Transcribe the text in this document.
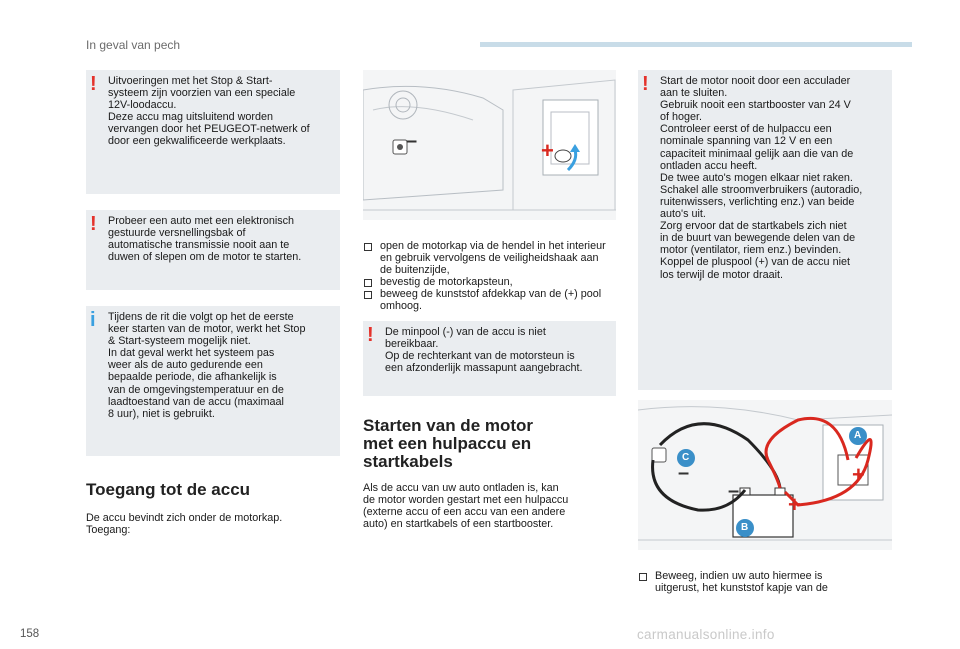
In geval van pech
! Uitvoeringen met het Stop & Start-
systeem zijn voorzien van een speciale
12V-loodaccu.
Deze accu mag uitsluitend worden
vervangen door het PEUGEOT-netwerk of
door een gekwalificeerde werkplaats.
! Probeer een auto met een elektronisch
gestuurde versnellingsbak of
automatische transmissie nooit aan te
duwen of slepen om de motor te starten.
i Tijdens de rit die volgt op het de eerste
keer starten van de motor, werkt het Stop
& Start-systeem mogelijk niet.
In dat geval werkt het systeem pas
weer als de auto gedurende een
bepaalde periode, die afhankelijk is
van de omgevingstemperatuur en de
laadtoestand van de accu (maximaal
8 uur), niet is gebruikt.
Toegang tot de accu
De accu bevindt zich onder de motorkap.
Toegang:
–	+
open de motorkap via de hendel in het interieur en gebruik vervolgens de veiligheidshaak aan de buitenzijde,
bevestig de motorkapsteun,
beweeg de kunststof afdekkap van de (+) pool omhoog.
! De minpool (-) van de accu is niet
bereikbaar.
Op de rechterkant van de motorsteun is
een afzonderlijk massapunt aangebracht.
Starten van de motor met een hulpaccu en startkabels
Als de accu van uw auto ontladen is, kan
de motor worden gestart met een hulpaccu
(externe accu of een accu van een andere
auto) en startkabels of een startbooster.
! Start de motor nooit door een acculader
aan te sluiten.
Gebruik nooit een startbooster van 24 V
of hoger.
Controleer eerst of de hulpaccu een
nominale spanning van 12 V en een
capaciteit minimaal gelijk aan die van de
ontladen accu heeft.
De twee auto's mogen elkaar niet raken.
Schakel alle stroomverbruikers (autoradio,
ruitenwissers, verlichting enz.) van beide
auto's uit.
Zorg ervoor dat de startkabels zich niet
in de buurt van bewegende delen van de
motor (ventilator, riem enz.) bevinden.
Koppel de pluspool (+) van de accu niet
los terwijl de motor draait.
A
C
B
–	+
–
+
Beweeg, indien uw auto hiermee is
uitgerust, het kunststof kapje van de
158	carmanualsonline.info
